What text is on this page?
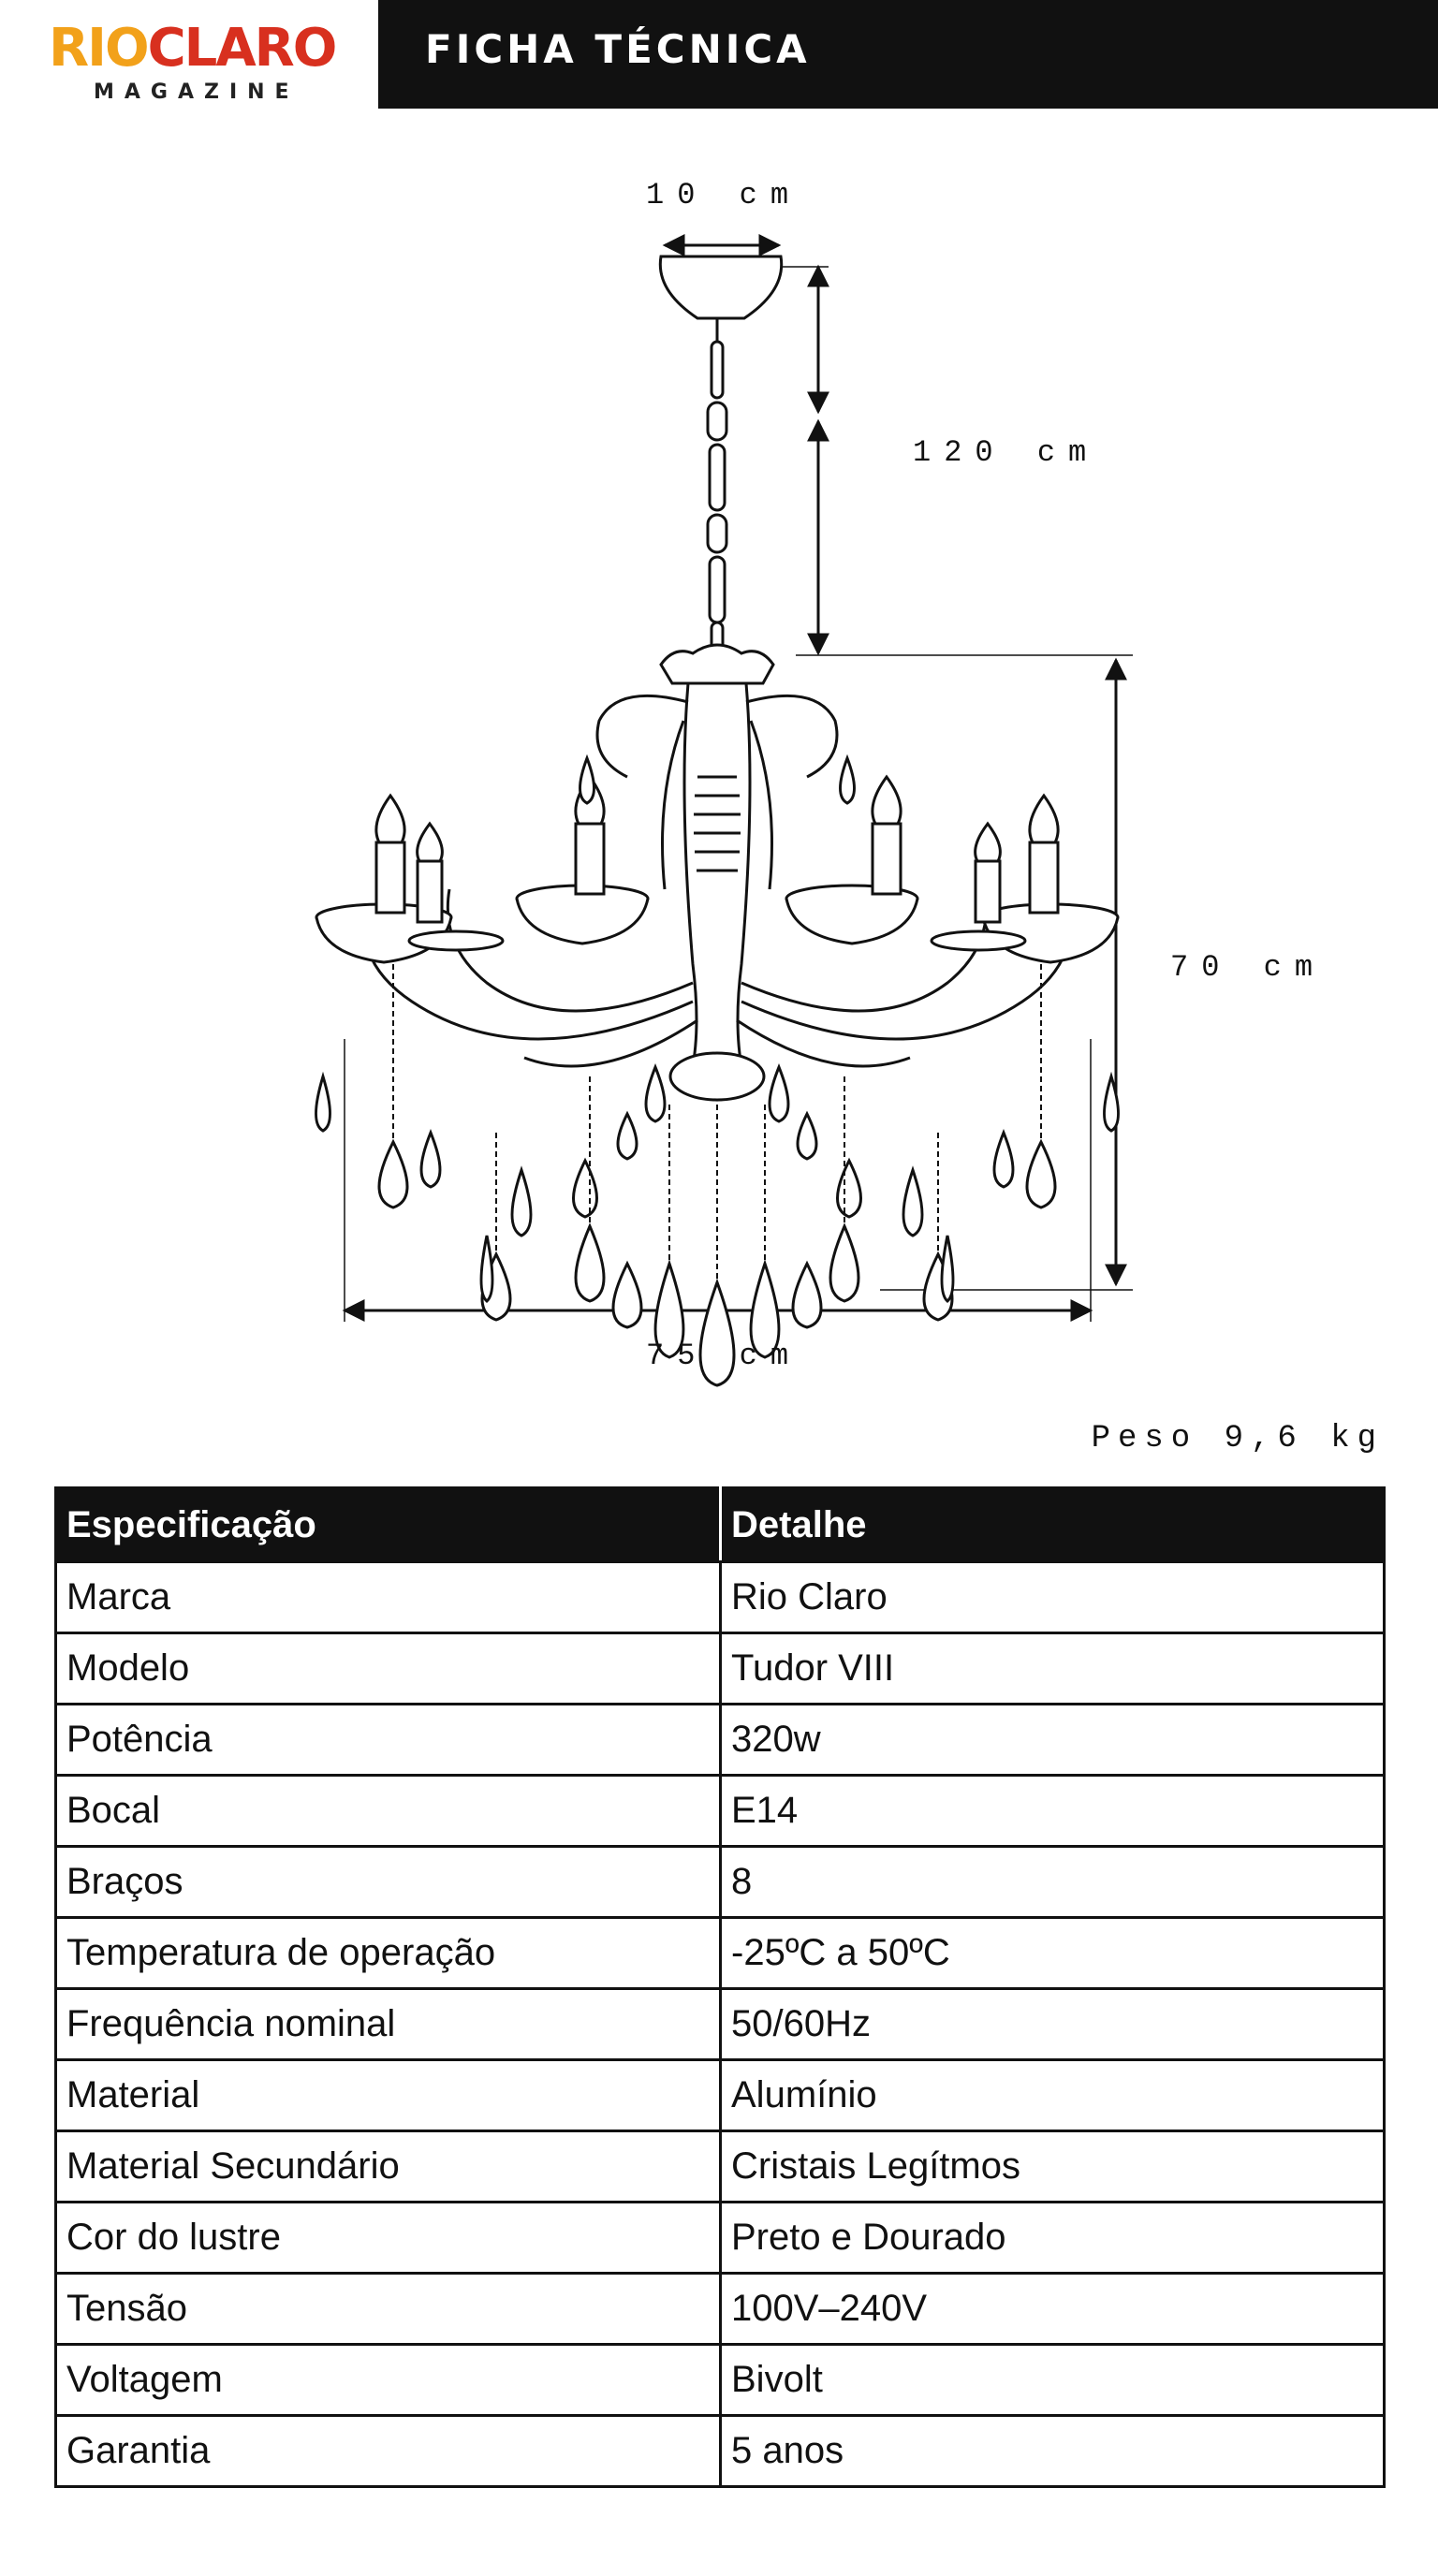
RIOCLARO
MAGAZINE
FICHA TÉCNICA
10 cm
120 cm
70 cm
75 cm
Peso 9,6 kg
Especificação	Detalhe
Marca	Rio Claro
Modelo	Tudor VIII
Potência	320w
Bocal	E14
Braços	8
Temperatura de operação	-25ºC a 50ºC
Frequência nominal	50/60Hz
Material	Alumínio
Material Secundário	Cristais Legítmos
Cor do lustre	Preto e Dourado
Tensão	100V–240V
Voltagem	Bivolt
Garantia	5 anos
